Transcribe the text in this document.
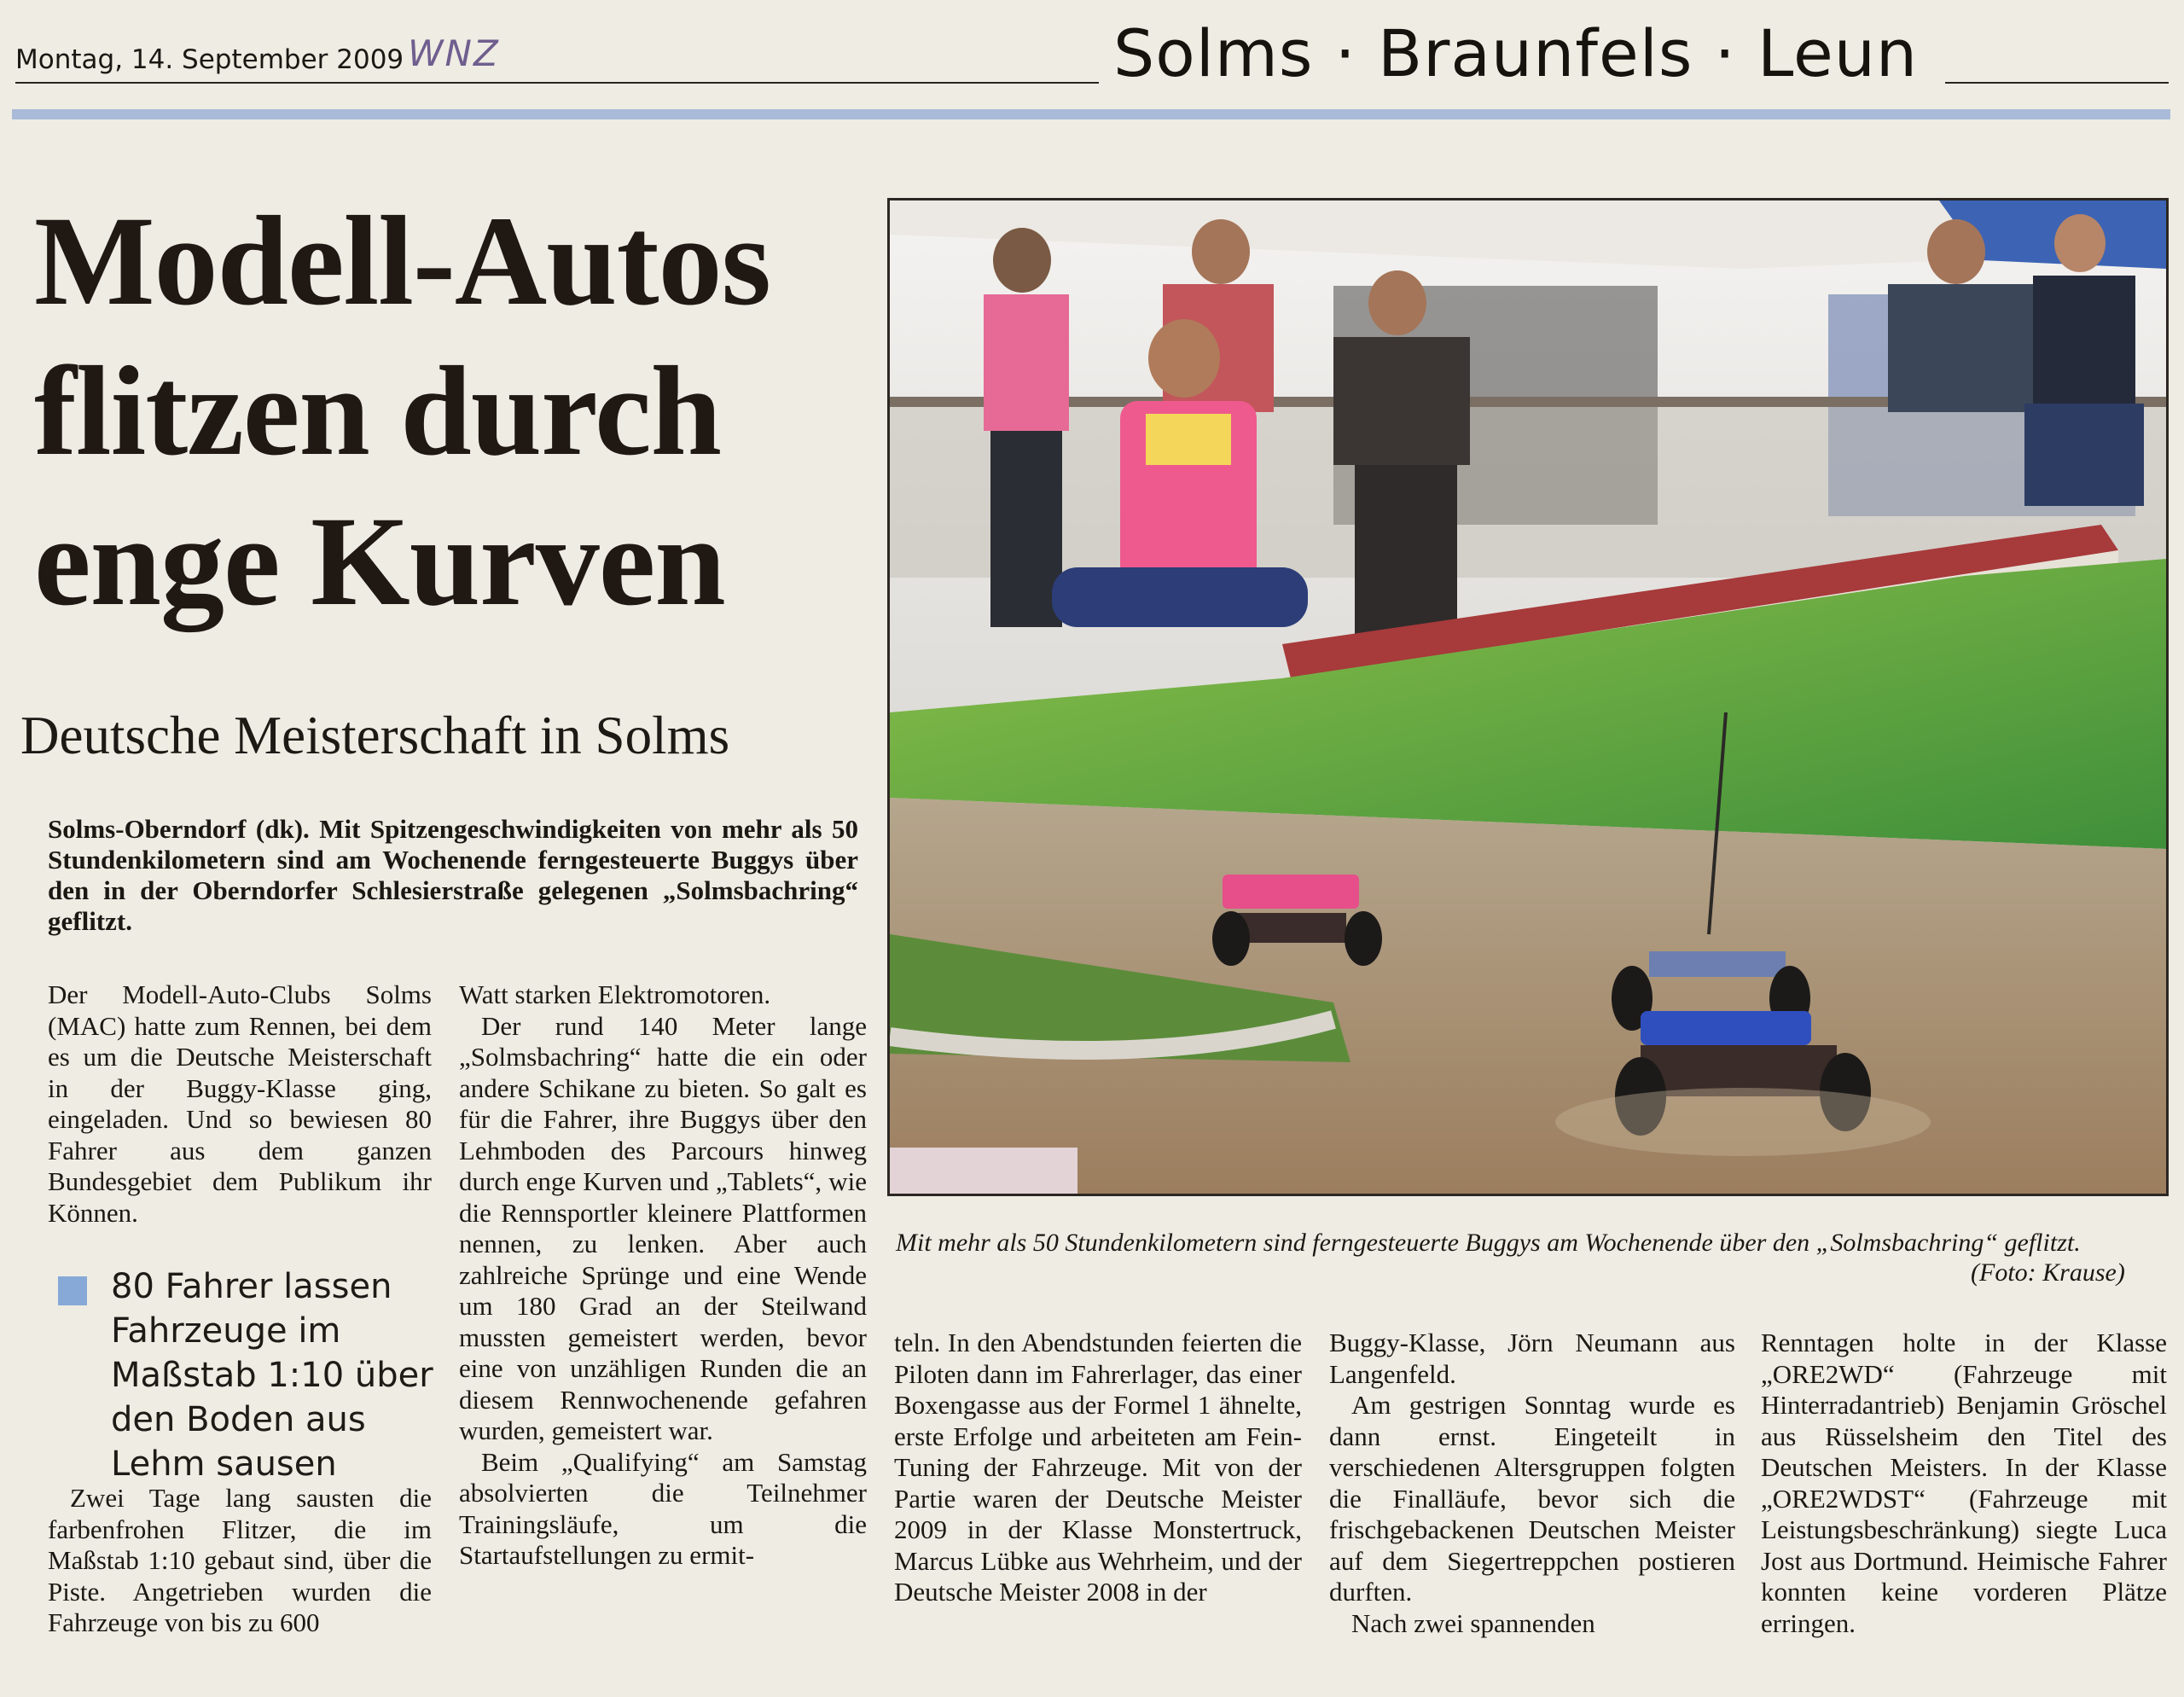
Montag, 14. September 2009 WNZ	Solms · Braunfels · Leun
Modell-Autos
flitzen durch
enge Kurven
Deutsche Meisterschaft in Solms
Solms-Oberndorf (dk). Mit Spitzengeschwindigkeiten von mehr als 50 Stundenkilometern sind am Wochenende ferngesteuerte Buggys über den in der Oberndorfer Schlesierstraße gelegenen „Solmsbachring“ geflitzt.

Der Modell-Auto-Clubs Solms (MAC) hatte zum Rennen, bei dem es um die Deutsche Meisterschaft in der Buggy-Klasse ging, eingeladen. Und so bewiesen 80 Fahrer aus dem ganzen Bundesgebiet dem Publikum ihr Können.

80 Fahrer lassen Fahrzeuge im Maßstab 1:10 über den Boden aus Lehm sausen

Zwei Tage lang sausten die farbenfrohen Flitzer, die im Maßstab 1:10 gebaut sind, über die Piste. Angetrieben wurden die Fahrzeuge von bis zu 600

Watt starken Elektromotoren.

Der rund 140 Meter lange „Solmsbachring“ hatte die ein oder andere Schikane zu bieten. So galt es für die Fahrer, ihre Buggys über den Lehmboden des Parcours hinweg durch enge Kurven und „Tablets“, wie die Rennsportler kleinere Plattformen nennen, zu lenken. Aber auch zahlreiche Sprünge und eine Wende um 180 Grad an der Steilwand mussten gemeistert werden, bevor eine von unzähligen Runden die an diesem Rennwochenende gefahren wurden, gemeistert war.

Beim „Qualifying“ am Samstag absolvierten die Teilnehmer Trainingsläufe, um die Startaufstellungen zu ermit-

Mit mehr als 50 Stundenkilometern sind ferngesteuerte Buggys am Wochenende über den „Solmsbachring“ geflitzt.
(Foto: Krause)

teln. In den Abendstunden feierten die Piloten dann im Fahrerlager, das einer Boxengasse aus der Formel 1 ähnelte, erste Erfolge und arbeiteten am Fein-Tuning der Fahrzeuge. Mit von der Partie waren der Deutsche Meister 2009 in der Klasse Monstertruck, Marcus Lübke aus Wehrheim, und der Deutsche Meister 2008 in der

Buggy-Klasse, Jörn Neumann aus Langenfeld.

Am gestrigen Sonntag wurde es dann ernst. Eingeteilt in verschiedenen Altersgruppen folgten die Finalläufe, bevor sich die frischgebackenen Deutschen Meister auf dem Siegertreppchen postieren durften.

Nach zwei spannenden

Renntagen holte in der Klasse „ORE2WD“ (Fahrzeuge mit Hinterradantrieb) Benjamin Gröschel aus Rüsselsheim den Titel des Deutschen Meisters. In der Klasse „ORE2WDST“ (Fahrzeuge mit Leistungsbeschränkung) siegte Luca Jost aus Dortmund. Heimische Fahrer konnten keine vorderen Plätze erringen.
